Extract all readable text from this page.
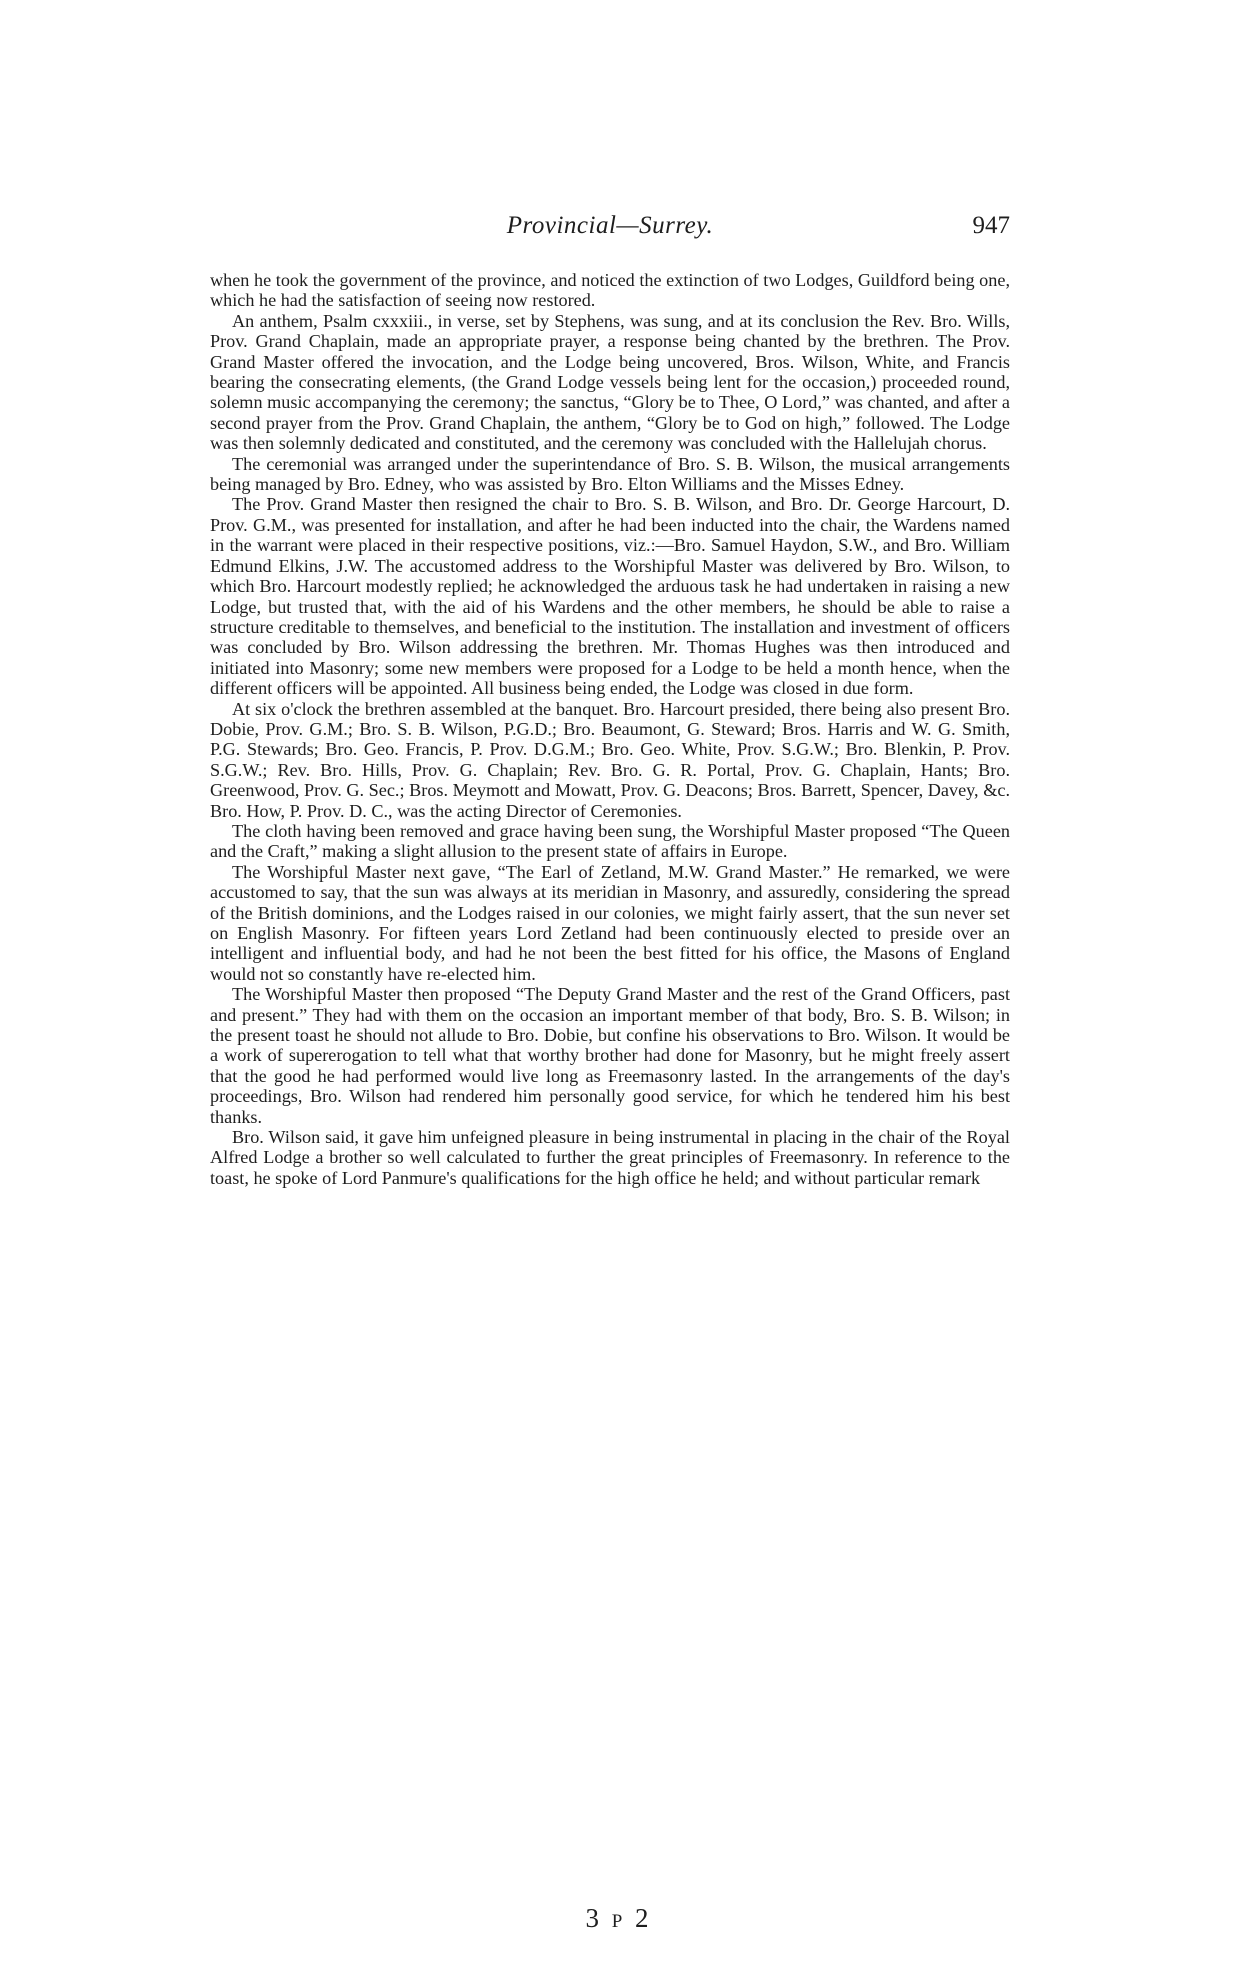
Provincial—Surrey.	947

when he took the government of the province, and noticed the extinction of two Lodges, Guildford being one, which he had the satisfaction of seeing now restored.

An anthem, Psalm cxxxiii., in verse, set by Stephens, was sung, and at its conclusion the Rev. Bro. Wills, Prov. Grand Chaplain, made an appropriate prayer, a response being chanted by the brethren. The Prov. Grand Master offered the invocation, and the Lodge being uncovered, Bros. Wilson, White, and Francis bearing the consecrating elements, (the Grand Lodge vessels being lent for the occasion,) proceeded round, solemn music accompanying the ceremony; the sanctus, “Glory be to Thee, O Lord,” was chanted, and after a second prayer from the Prov. Grand Chaplain, the anthem, “Glory be to God on high,” followed. The Lodge was then solemnly dedicated and constituted, and the ceremony was concluded with the Hallelujah chorus.

The ceremonial was arranged under the superintendance of Bro. S. B. Wilson, the musical arrangements being managed by Bro. Edney, who was assisted by Bro. Elton Williams and the Misses Edney.

The Prov. Grand Master then resigned the chair to Bro. S. B. Wilson, and Bro. Dr. George Harcourt, D. Prov. G.M., was presented for installation, and after he had been inducted into the chair, the Wardens named in the warrant were placed in their respective positions, viz.:—Bro. Samuel Haydon, S.W., and Bro. William Edmund Elkins, J.W. The accustomed address to the Worshipful Master was delivered by Bro. Wilson, to which Bro. Harcourt modestly replied; he acknowledged the arduous task he had undertaken in raising a new Lodge, but trusted that, with the aid of his Wardens and the other members, he should be able to raise a structure creditable to themselves, and beneficial to the institution. The installation and investment of officers was concluded by Bro. Wilson addressing the brethren. Mr. Thomas Hughes was then introduced and initiated into Masonry; some new members were proposed for a Lodge to be held a month hence, when the different officers will be appointed. All business being ended, the Lodge was closed in due form.

At six o'clock the brethren assembled at the banquet. Bro. Harcourt presided, there being also present Bro. Dobie, Prov. G.M.; Bro. S. B. Wilson, P.G.D.; Bro. Beaumont, G. Steward; Bros. Harris and W. G. Smith, P.G. Stewards; Bro. Geo. Francis, P. Prov. D.G.M.; Bro. Geo. White, Prov. S.G.W.; Bro. Blenkin, P. Prov. S.G.W.; Rev. Bro. Hills, Prov. G. Chaplain; Rev. Bro. G. R. Portal, Prov. G. Chaplain, Hants; Bro. Greenwood, Prov. G. Sec.; Bros. Meymott and Mowatt, Prov. G. Deacons; Bros. Barrett, Spencer, Davey, &c. Bro. How, P. Prov. D. C., was the acting Director of Ceremonies.

The cloth having been removed and grace having been sung, the Worshipful Master proposed “The Queen and the Craft,” making a slight allusion to the present state of affairs in Europe.

The Worshipful Master next gave, “The Earl of Zetland, M.W. Grand Master.” He remarked, we were accustomed to say, that the sun was always at its meridian in Masonry, and assuredly, considering the spread of the British dominions, and the Lodges raised in our colonies, we might fairly assert, that the sun never set on English Masonry. For fifteen years Lord Zetland had been continuously elected to preside over an intelligent and influential body, and had he not been the best fitted for his office, the Masons of England would not so constantly have re-elected him.

The Worshipful Master then proposed “The Deputy Grand Master and the rest of the Grand Officers, past and present.” They had with them on the occasion an important member of that body, Bro. S. B. Wilson; in the present toast he should not allude to Bro. Dobie, but confine his observations to Bro. Wilson. It would be a work of supererogation to tell what that worthy brother had done for Masonry, but he might freely assert that the good he had performed would live long as Freemasonry lasted. In the arrangements of the day's proceedings, Bro. Wilson had rendered him personally good service, for which he tendered him his best thanks.

Bro. Wilson said, it gave him unfeigned pleasure in being instrumental in placing in the chair of the Royal Alfred Lodge a brother so well calculated to further the great principles of Freemasonry. In reference to the toast, he spoke of Lord Panmure's qualifications for the high office he held; and without particular remark

3 P 2
